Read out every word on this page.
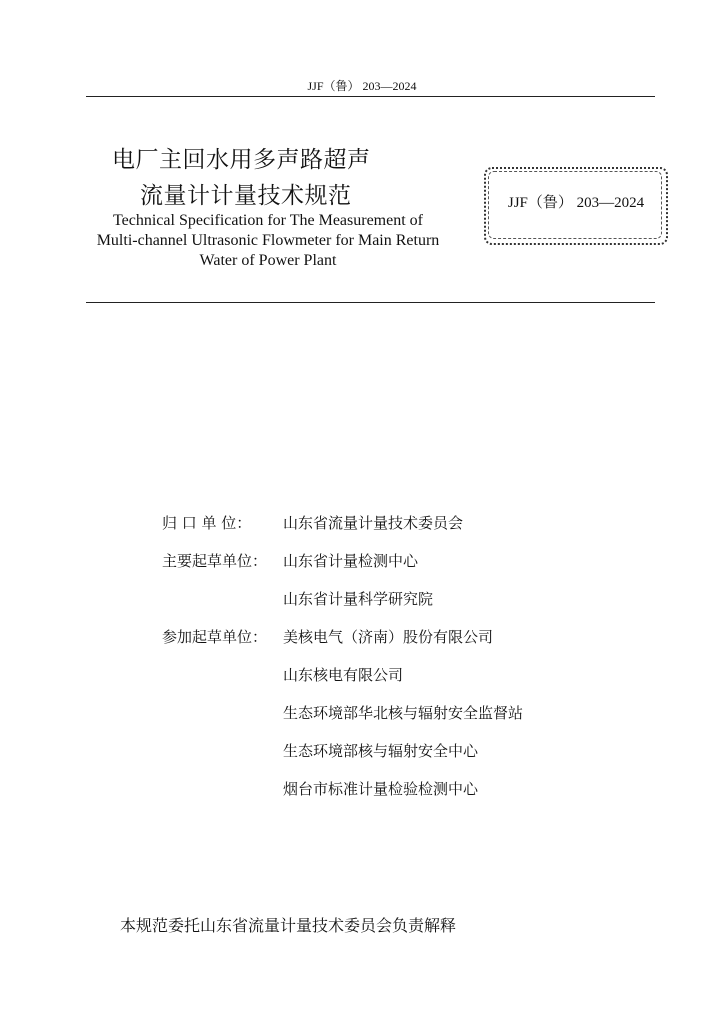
JJF（鲁） 203—2024
电厂主回水用多声路超声
流量计计量技术规范
Technical Specification for The Measurement of
Multi-channel Ultrasonic Flowmeter for Main Return
Water of Power Plant
JJF（鲁） 203—2024
归 口 单 位：	山东省流量计量技术委员会
主要起草单位：	山东省计量检测中心
山东省计量科学研究院
参加起草单位：	美核电气（济南）股份有限公司
山东核电有限公司
生态环境部华北核与辐射安全监督站
生态环境部核与辐射安全中心
烟台市标准计量检验检测中心
本规范委托山东省流量计量技术委员会负责解释
